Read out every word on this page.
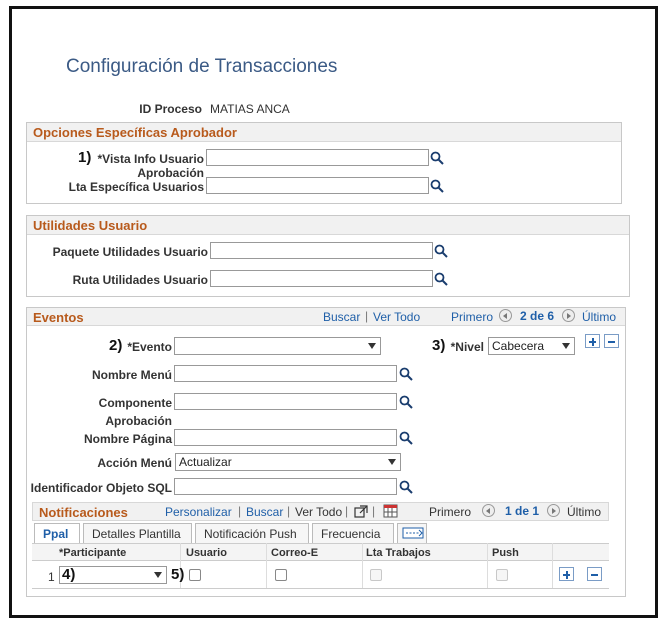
Configuración de Transacciones
ID Proceso MATIAS ANCA
Opciones Específicas Aprobador
1) *Vista Info Usuario
Aprobación
Lta Específica Usuarios
Utilidades Usuario
Paquete Utilidades Usuario
Ruta Utilidades Usuario
Eventos	Buscar | Ver Todo	Primero 2 de 6 Último
2) *Evento	3) *Nivel Cabecera
Nombre Menú
Componente
Aprobación
Nombre Página
Acción Menú Actualizar
Identificador Objeto SQL
Notificaciones	Personalizar | Buscar | Ver Todo | |	Primero	1 de 1 Último
Ppal	Detalles Plantilla	Notificación Push	Frecuencia
*Participante	Usuario	Correo-E	Lta Trabajos	Push
1 4)	5)
